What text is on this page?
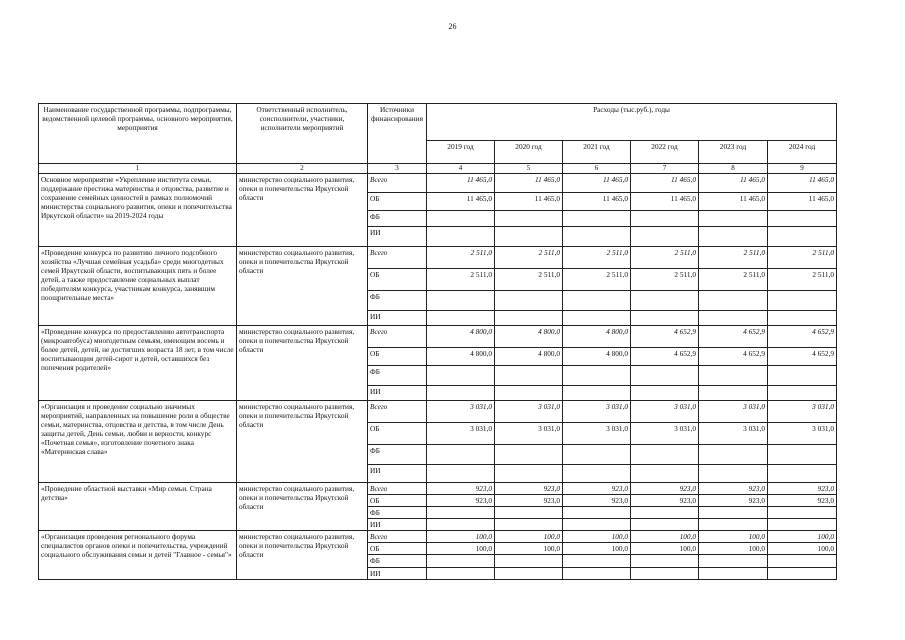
26
Наименование государственной программы, подпрограммы, ведомственной целевой программы, основного мероприятия, мероприятия	Ответственный исполнитель, соисполнители, участники, исполнители мероприятий	Источники финансирования	Расходы (тыс.руб.), годы					
			2019 год	2020 год	2021 год	2022 год	2023 год	2024 год
1	2	3	4	5	6	7	8	9
Основное мероприятие «Укрепление института семьи, поддержание престижа материнства и отцовства, развитие и сохранение семейных ценностей в рамках полномочий министерства социального развития, опеки и попечительства Иркутской области» на 2019-2024 годы	министерство социального развития, опеки и попечительства Иркутской области	Всего	11 465,0	11 465,0	11 465,0	11 465,0	11 465,0	11 465,0
		ОБ	11 465,0	11 465,0	11 465,0	11 465,0	11 465,0	11 465,0
		ФБ						
		ИИ						
«Проведение конкурса по развитию личного подсобного хозяйства «Лучшая семейная усадьба» среди многодетных семей Иркутской области, воспитывающих пять и более детей, а также предоставление социальных выплат победителям конкурса, участникам конкурса, занявшим поощрительные места»	министерство социального развития, опеки и попечительства Иркутской области	Всего	2 511,0	2 511,0	2 511,0	2 511,0	2 511,0	2 511,0
		ОБ	2 511,0	2 511,0	2 511,0	2 511,0	2 511,0	2 511,0
		ФБ						
		ИИ						
«Проведение конкурса по предоставлению автотранспорта (микроавтобуса) многодетным семьям, имеющим восемь и более детей, детей, не достигших возраста 18 лет, в том числе воспитывающим детей-сирот и детей, оставшихся без попечения родителей»	министерство социального развития, опеки и попечительства Иркутской области	Всего	4 800,0	4 800,0	4 800,0	4 652,9	4 652,9	4 652,9
		ОБ	4 800,0	4 800,0	4 800,0	4 652,9	4 652,9	4 652,9
		ФБ						
		ИИ						
«Организация и проведение социально значимых мероприятий, направленных на повышение роли в обществе семьи, материнства, отцовства и детства, в том числе День защиты детей, День семьи, любви и верности, конкурс «Почетная семья», изготовление почетного знака «Материнская слава»	министерство социального развития, опеки и попечительства Иркутской области	Всего	3 031,0	3 031,0	3 031,0	3 031,0	3 031,0	3 031,0
		ОБ	3 031,0	3 031,0	3 031,0	3 031,0	3 031,0	3 031,0
		ФБ						
		ИИ						
«Проведение областной выставки «Мир семьи. Страна детства»	министерство социального развития, опеки и попечительства Иркутской области	Всего	923,0	923,0	923,0	923,0	923,0	923,0
		ОБ	923,0	923,0	923,0	923,0	923,0	923,0
		ФБ						
		ИИ						
«Организация проведения регионального форума специалистов органов опеки и попечительства, учреждений социального обслуживания семьи и детей "Главное - семья"»	министерство социального развития, опеки и попечительства Иркутской области	Всего	100,0	100,0	100,0	100,0	100,0	100,0
		ОБ	100,0	100,0	100,0	100,0	100,0	100,0
		ФБ						
		ИИ						
